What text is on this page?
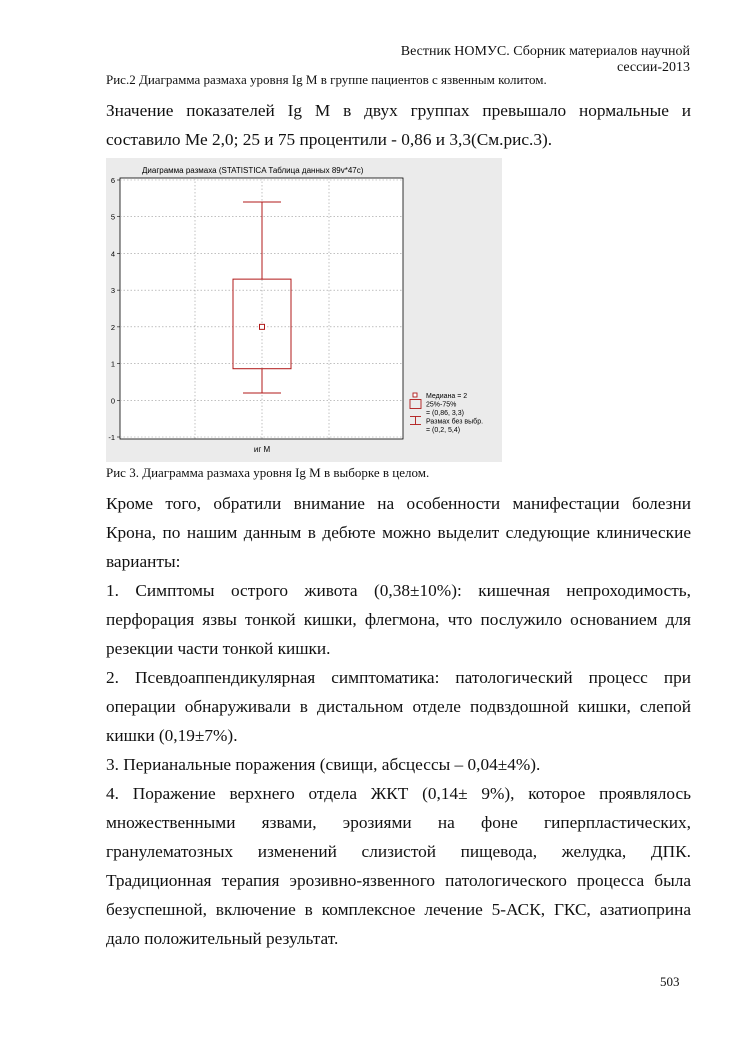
Вестник НОМУС. Сборник материалов научной сессии-2013
Рис.2 Диаграмма размаха уровня Ig M в группе пациентов с язвенным колитом.
Значение показателей Ig M в двух группах превышало нормальные и
составило Ме 2,0; 25 и 75 процентили - 0,86 и 3,3(См.рис.3).
Диаграмма размаха (STATISTICA Таблица данных 89v*47c)
-1
0
1
2
3
4
5
6
иг М
Медиана = 2
25%-75%
= (0,86, 3,3)
Размах без выбр.
= (0,2, 5,4)
Рис 3. Диаграмма размаха уровня Ig M в выборке в целом.
Кроме того, обратили внимание на особенности манифестации болезни
Крона, по нашим данным в дебюте можно выделит следующие клинические
варианты:
1. Симптомы острого живота (0,38±10%): кишечная непроходимость,
перфорация язвы тонкой кишки, флегмона, что послужило основанием для
резекции части тонкой кишки.
2. Псевдоаппендикулярная симптоматика: патологический процесс при
операции обнаруживали в дистальном отделе подвздошной кишки, слепой
кишки (0,19±7%).
3. Перианальные поражения (свищи, абсцессы – 0,04±4%).
4. Поражение верхнего отдела ЖКТ (0,14± 9%), которое проявлялось
множественными язвами, эрозиями на фоне гиперпластических,
гранулематозных изменений слизистой пищевода, желудка, ДПК.
Традиционная терапия эрозивно-язвенного патологического процесса была
безуспешной, включение в комплексное лечение 5-АСК, ГКС, азатиоприна
дало положительный результат.
503
